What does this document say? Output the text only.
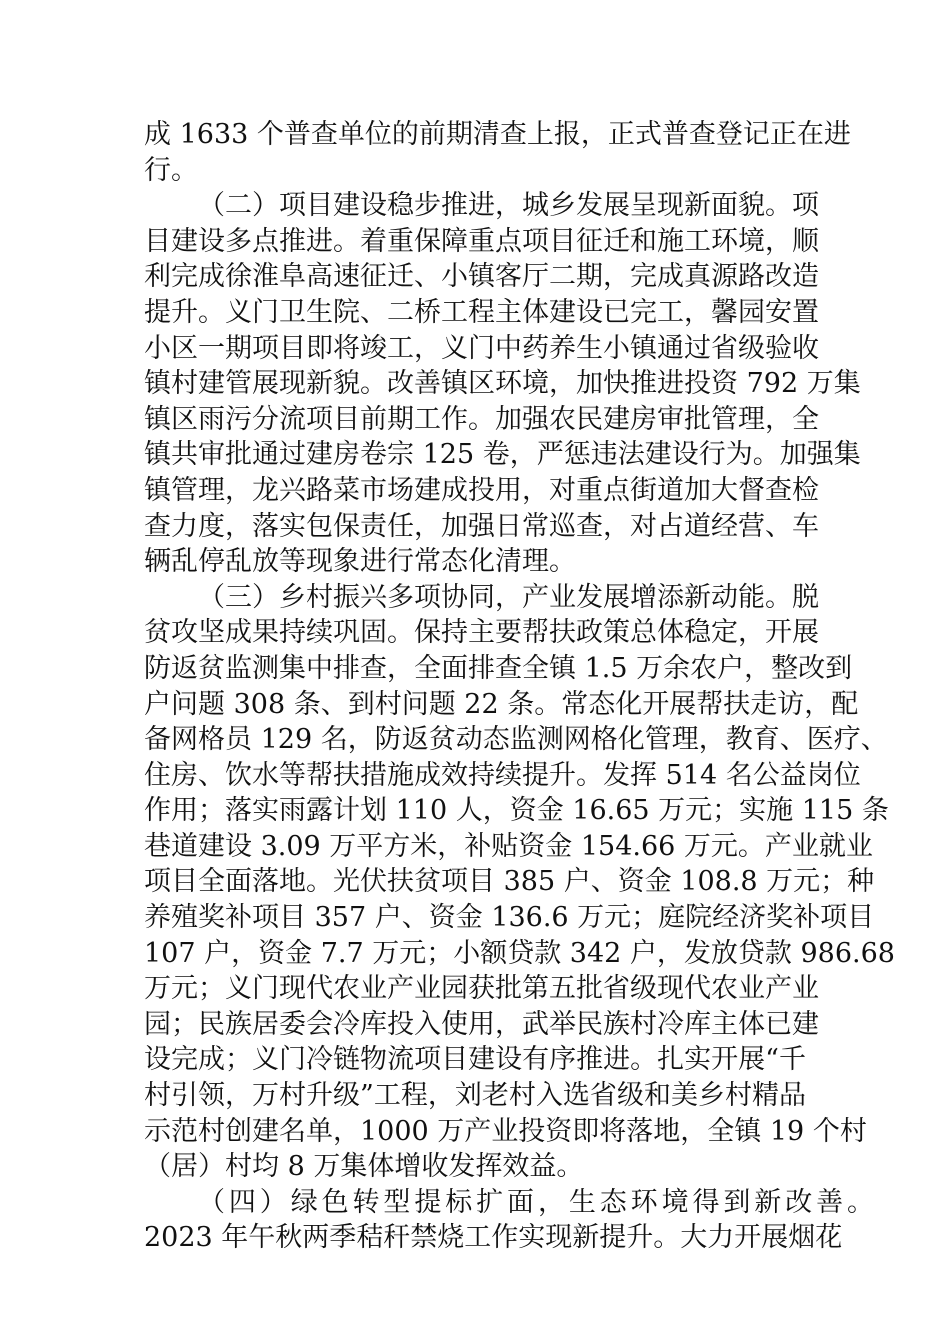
成 1633 个普查单位的前期清查上报，正式普查登记正在进
行。
（二）项目建设稳步推进，城乡发展呈现新面貌。项
目建设多点推进。着重保障重点项目征迁和施工环境，顺
利完成徐淮阜高速征迁、小镇客厅二期，完成真源路改造
提升。义门卫生院、二桥工程主体建设已完工，馨园安置
小区一期项目即将竣工，义门中药养生小镇通过省级验收
镇村建管展现新貌。改善镇区环境，加快推进投资 792 万集
镇区雨污分流项目前期工作。加强农民建房审批管理，全
镇共审批通过建房卷宗 125 卷，严惩违法建设行为。加强集
镇管理，龙兴路菜市场建成投用，对重点街道加大督查检
查力度，落实包保责任，加强日常巡查，对占道经营、车
辆乱停乱放等现象进行常态化清理。
（三）乡村振兴多项协同，产业发展增添新动能。脱
贫攻坚成果持续巩固。保持主要帮扶政策总体稳定，开展
防返贫监测集中排查，全面排查全镇 1.5 万余农户，整改到
户问题 308 条、到村问题 22 条。常态化开展帮扶走访，配
备网格员 129 名，防返贫动态监测网格化管理，教育、医疗、
住房、饮水等帮扶措施成效持续提升。发挥 514 名公益岗位
作用；落实雨露计划 110 人，资金 16.65 万元；实施 115 条
巷道建设 3.09 万平方米，补贴资金 154.66 万元。产业就业
项目全面落地。光伏扶贫项目 385 户、资金 108.8 万元；种
养殖奖补项目 357 户、资金 136.6 万元；庭院经济奖补项目
107 户，资金 7.7 万元；小额贷款 342 户，发放贷款 986.68
万元；义门现代农业产业园获批第五批省级现代农业产业
园；民族居委会冷库投入使用，武举民族村冷库主体已建
设完成；义门冷链物流项目建设有序推进。扎实开展“千
村引领，万村升级”工程，刘老村入选省级和美乡村精品
示范村创建名单，1000 万产业投资即将落地，全镇 19 个村
（居）村均 8 万集体增收发挥效益。
（四）绿色转型提标扩面，生态环境得到新改善。
2023 年午秋两季秸秆禁烧工作实现新提升。大力开展烟花
